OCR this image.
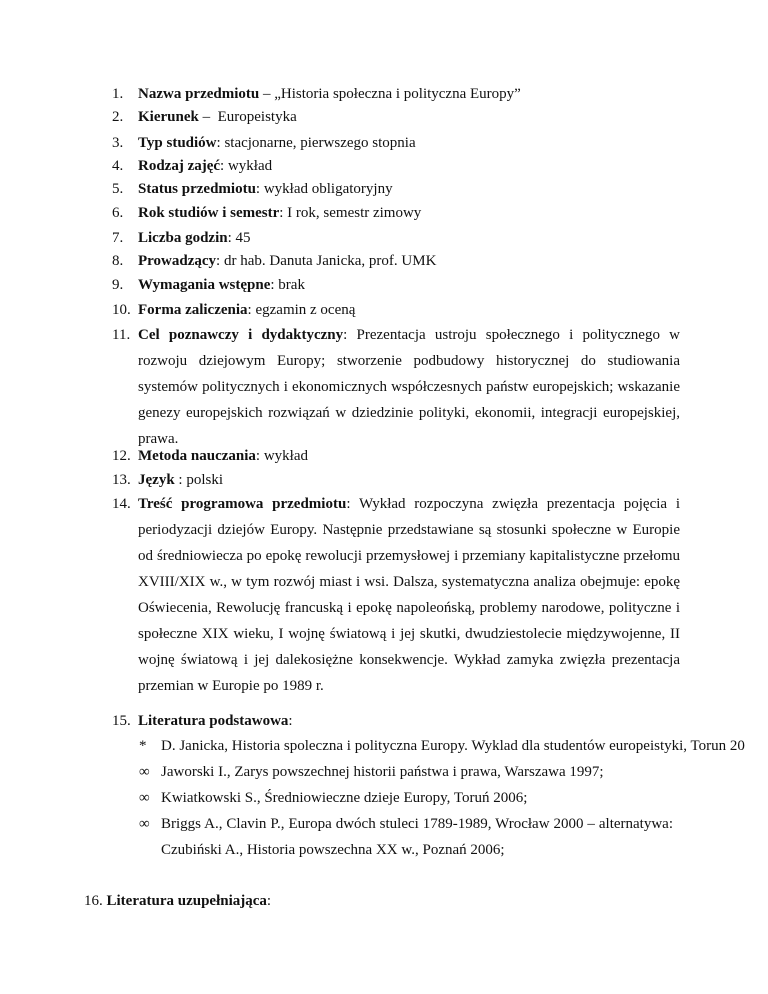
1. Nazwa przedmiotu – „Historia społeczna i polityczna Europy”
2. Kierunek –  Europeistyka
3. Typ studiów: stacjonarne, pierwszego stopnia
4. Rodzaj zajęć: wykład
5. Status przedmiotu: wykład obligatoryjny
6. Rok studiów i semestr: I rok, semestr zimowy
7. Liczba godzin: 45
8. Prowadzący: dr hab. Danuta Janicka, prof. UMK
9. Wymagania wstępne: brak
10. Forma zaliczenia: egzamin z oceną
11. Cel poznawczy i dydaktyczny: Prezentacja ustroju społecznego i politycznego w rozwoju dziejowym Europy; stworzenie podbudowy historycznej do studiowania systemów politycznych i ekonomicznych współczesnych państw europejskich; wskazanie genezy europejskich rozwiązań w dziedzinie polityki, ekonomii, integracji europejskiej, prawa.
12. Metoda nauczania: wykład
13. Język : polski
14. Treść programowa przedmiotu: Wykład rozpoczyna zwięzła prezentacja pojęcia i periodyzacji dziejów Europy. Następnie przedstawiane są stosunki społeczne w Europie od średniowiecza po epokę rewolucji przemysłowej i przemiany kapitalistyczne przełomu XVIII/XIX w., w tym rozwój miast i wsi. Dalsza, systematyczna analiza obejmuje: epokę Oświecenia, Rewolucję francuską i epokę napoleońską, problemy narodowe, polityczne i społeczne XIX wieku, I wojnę światową i jej skutki, dwudziestolecie międzywojenne, II wojnę światową i jej dalekosiężne konsekwencje. Wykład zamyka zwięzła prezentacja przemian w Europie po 1989 r.
15. Literatura podstawowa:
* D. Janicka, Historia spoleczna i polityczna Europy. Wyklad dla studentów europeistyki, Torun 20
∞ Jaworski I., Zarys powszechnej historii państwa i prawa, Warszawa 1997;
∞ Kwiatkowski S., Średniowieczne dzieje Europy, Toruń 2006;
∞ Briggs A., Clavin P., Europa dwóch stuleci 1789-1989, Wrocław 2000 – alternatywa: Czubiński A., Historia powszechna XX w., Poznań 2006;
16. Literatura uzupełniająca:
